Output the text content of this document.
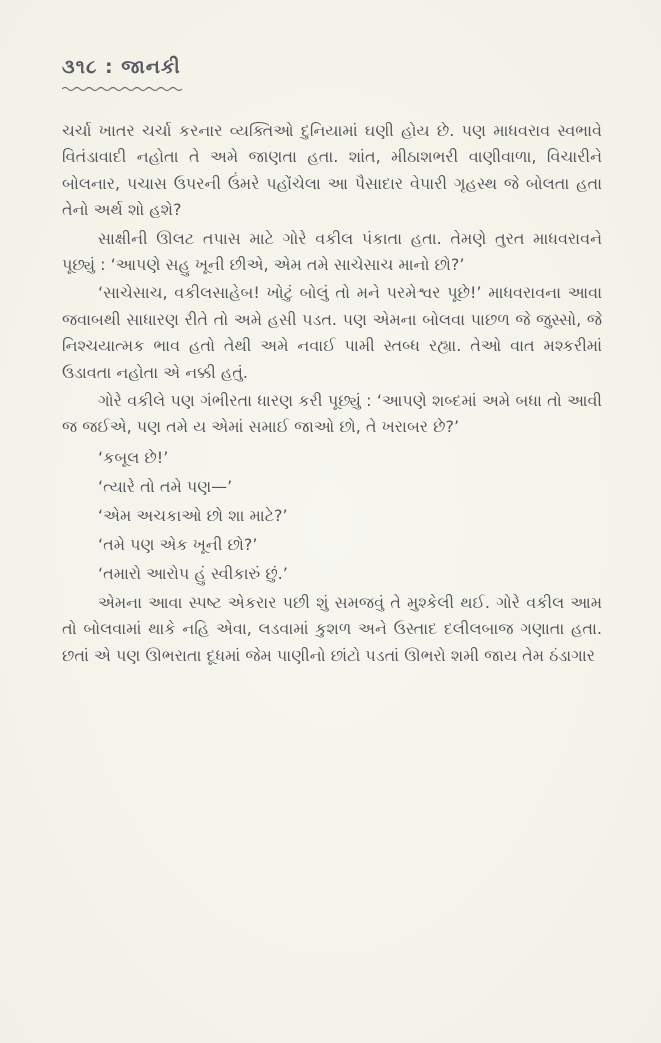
૩૧૮ : જાનકી

ચર્ચા ખાતર ચર્ચા કરનાર વ્યક્તિઓ દુનિયામાં ઘણી હોય છે. પણ માધવરાવ સ્વભાવે વિતંડાવાદી નહોતા તે અમે જાણતા હતા. શાંત, મીઠાશભરી વાણીવાળા, વિચારીને બોલનાર, પચાસ ઉપરની ઉંમરે પહોંચેલા આ પૈસાદાર વેપારી ગૃહસ્થ જે બોલતા હતા તેનો અર્થ શો હશે?

સાક્ષીની ઊલટ તપાસ માટે ગોરે વકીલ પંકાતા હતા. તેમણે તુરત માધવરાવને પૂછ્યું : ‘આપણે સહુ ખૂની છીએ, એમ તમે સાચેસાચ માનો છો?’

‘સાચેસાચ, વકીલસાહેબ! ખોટું બોલું તો મને પરમેશ્વર પૂછે!’ માધવરાવના આવા જવાબથી સાધારણ રીતે તો અમે હસી પડત. પણ એમના બોલવા પાછળ જે જુસ્સો, જે નિશ્ચયાત્મક ભાવ હતો તેથી અમે નવાઈ પામી સ્તબ્ધ રહ્યા. તેઓ વાત મશ્કરીમાં ઉડાવતા નહોતા એ નક્કી હતું.

ગોરે વકીલે પણ ગંભીરતા ધારણ કરી પૂછ્યું : ‘આપણે શબ્દમાં અમે બધા તો આવી જ જઈએ, પણ તમે ય એમાં સમાઈ જાઓ છો, તે ખરાબર છે?’

‘કબૂલ છે!’

‘ત્યારે તો તમે પણ—’

‘એમ અચકાઓ છો શા માટે?’

‘તમે પણ એક ખૂની છો?’

‘તમારો આરોપ હું સ્વીકારું છું.’

એમના આવા સ્પષ્ટ એકરાર પછી શું સમજવું તે મુશ્કેલી થઈ. ગોરે વકીલ આમ તો બોલવામાં થાકે નહિ એવા, લડવામાં કુશળ અને ઉસ્તાદ દલીલબાજ ગણાતા હતા. છતાં એ પણ ઊભરાતા દૂધમાં જેમ પાણીનો છાંટો પડતાં ઊભરો શમી જાય તેમ ઠંડાગાર
